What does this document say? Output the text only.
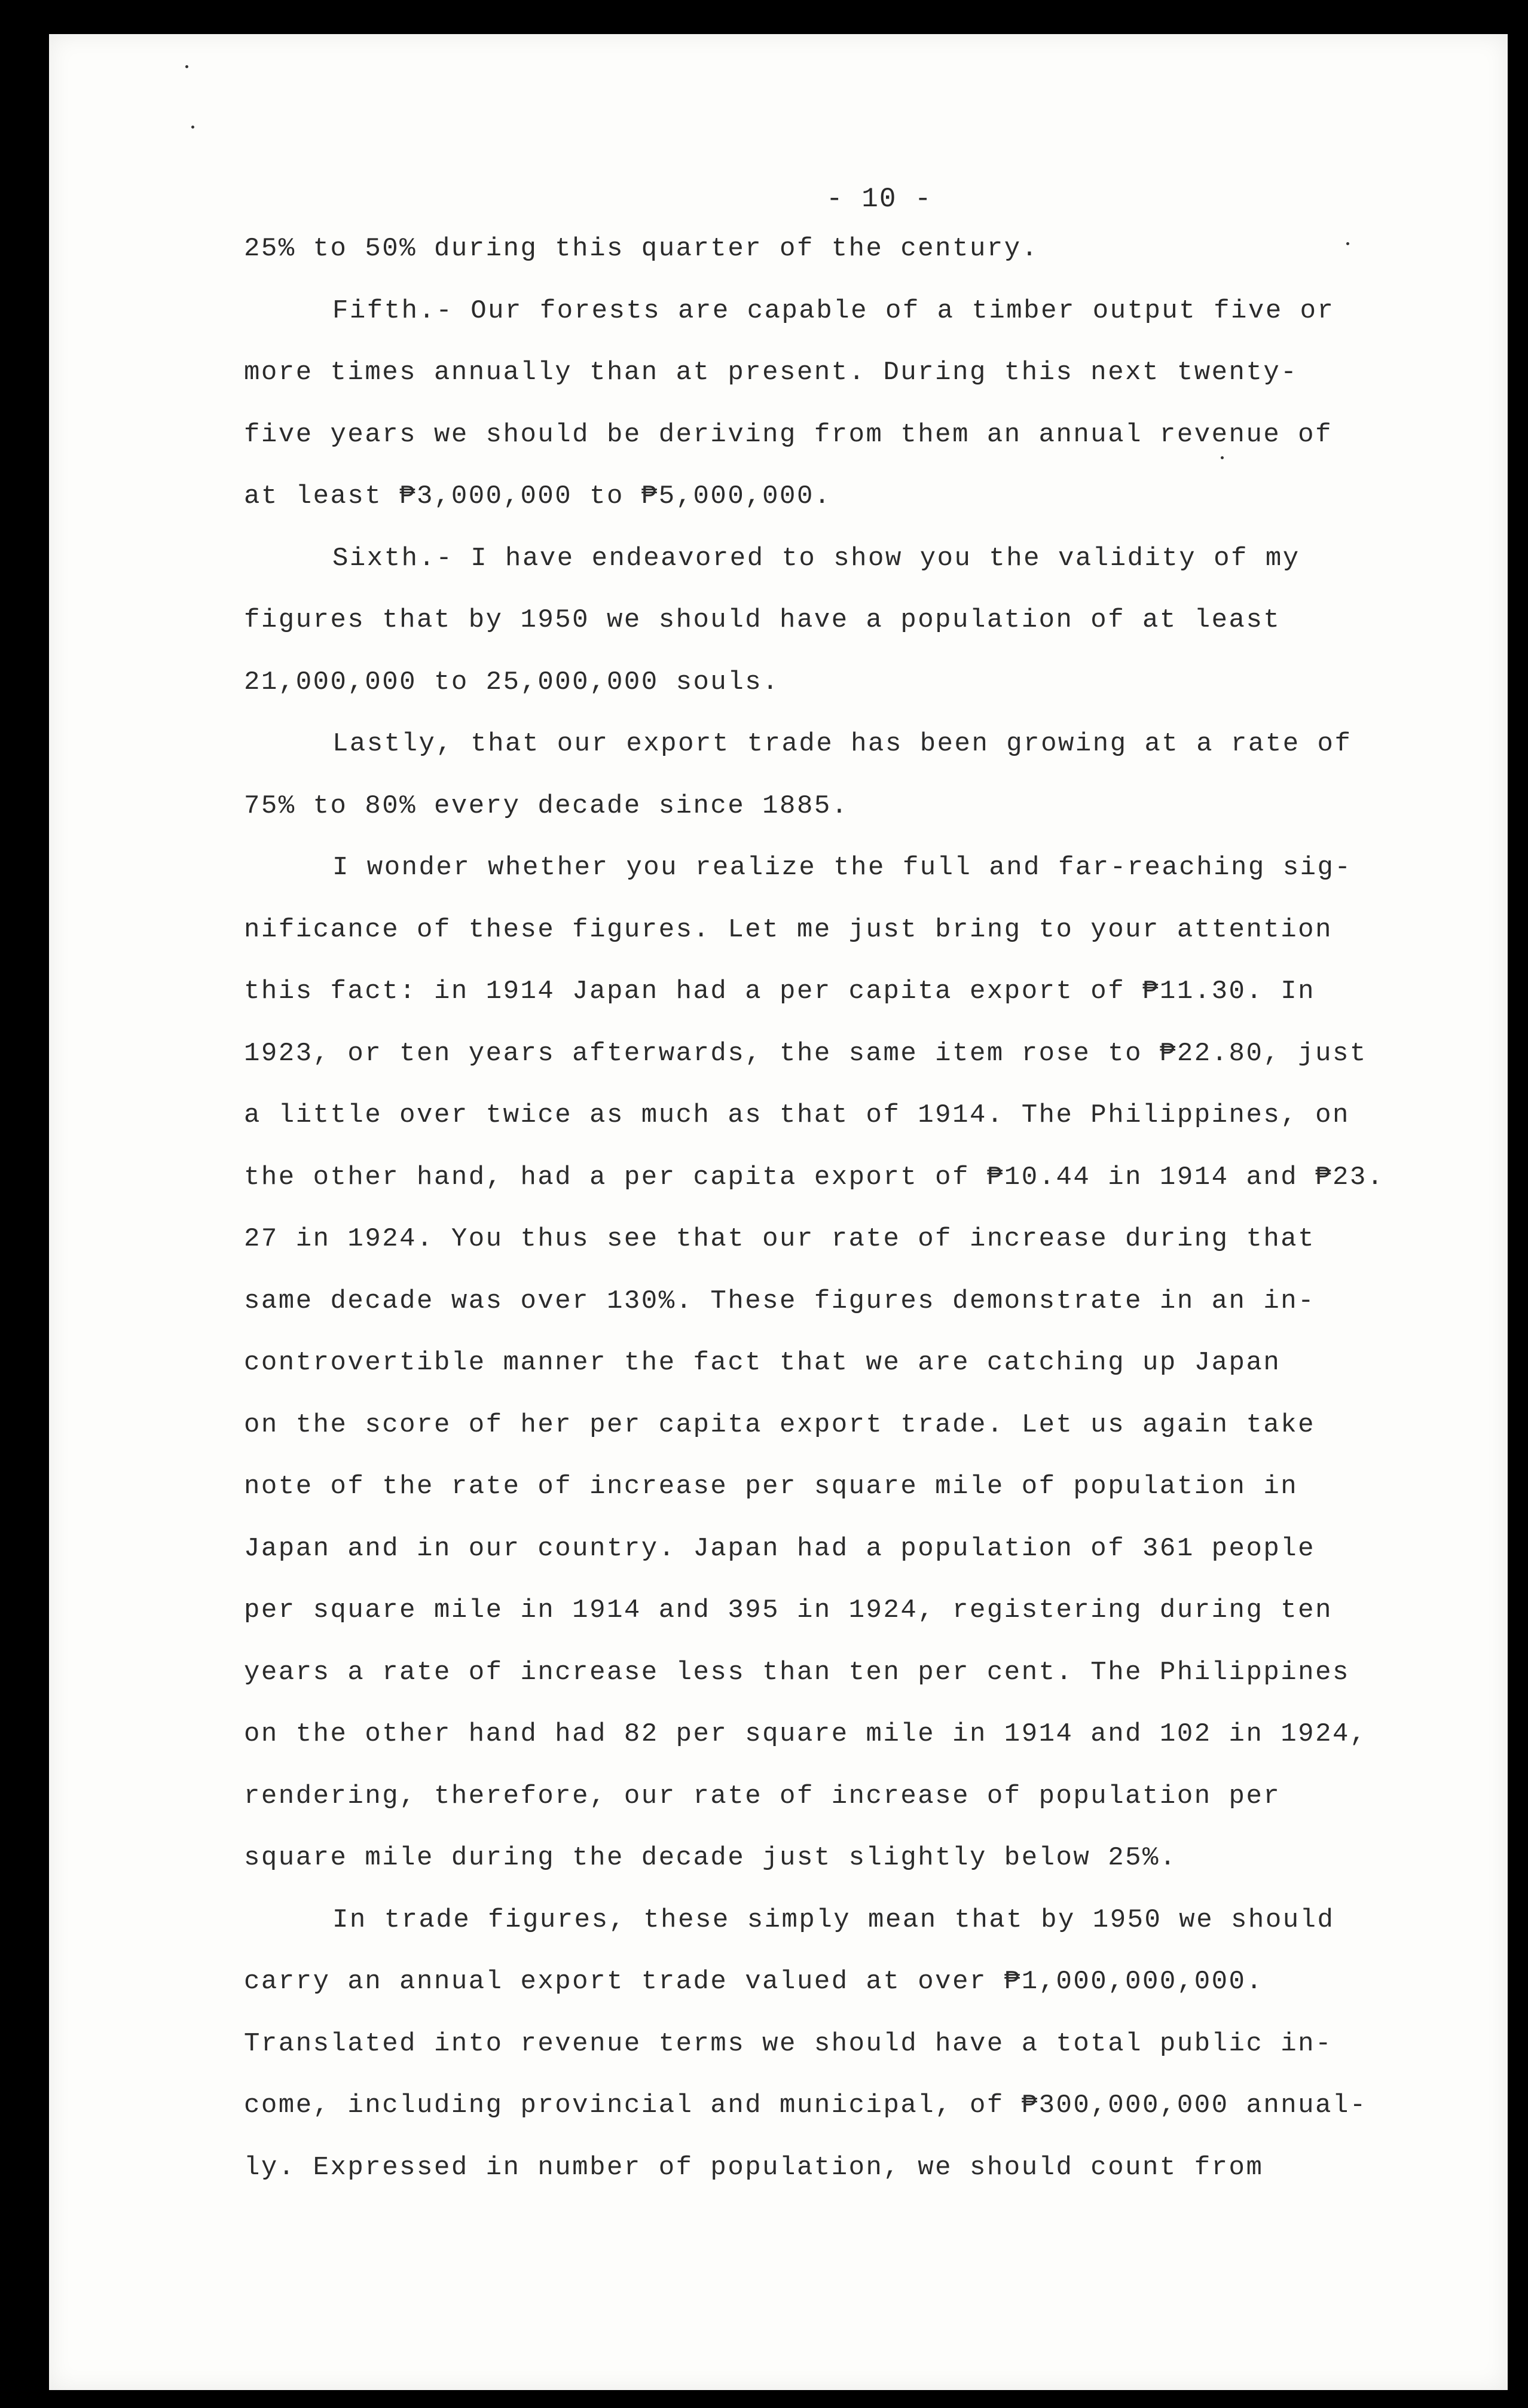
- 10 -
25% to 50% during this quarter of the century.
Fifth.- Our forests are capable of a timber output five or
more times annually than at present. During this next twenty-
five years we should be deriving from them an annual revenue of
at least ₱3,000,000 to ₱5,000,000.
Sixth.- I have endeavored to show you the validity of my
figures that by 1950 we should have a population of at least
21,000,000 to 25,000,000 souls.
Lastly, that our export trade has been growing at a rate of
75% to 80% every decade since 1885.
I wonder whether you realize the full and far-reaching sig-
nificance of these figures. Let me just bring to your attention
this fact: in 1914 Japan had a per capita export of ₱11.30. In
1923, or ten years afterwards, the same item rose to ₱22.80, just
a little over twice as much as that of 1914. The Philippines, on
the other hand, had a per capita export of ₱10.44 in 1914 and ₱23.
27 in 1924. You thus see that our rate of increase during that
same decade was over 130%. These figures demonstrate in an in-
controvertible manner the fact that we are catching up Japan
on the score of her per capita export trade. Let us again take
note of the rate of increase per square mile of population in
Japan and in our country. Japan had a population of 361 people
per square mile in 1914 and 395 in 1924, registering during ten
years a rate of increase less than ten per cent. The Philippines
on the other hand had 82 per square mile in 1914 and 102 in 1924,
rendering, therefore, our rate of increase of population per
square mile during the decade just slightly below 25%.
In trade figures, these simply mean that by 1950 we should
carry an annual export trade valued at over ₱1,000,000,000.
Translated into revenue terms we should have a total public in-
come, including provincial and municipal, of ₱300,000,000 annual-
ly. Expressed in number of population, we should count from
